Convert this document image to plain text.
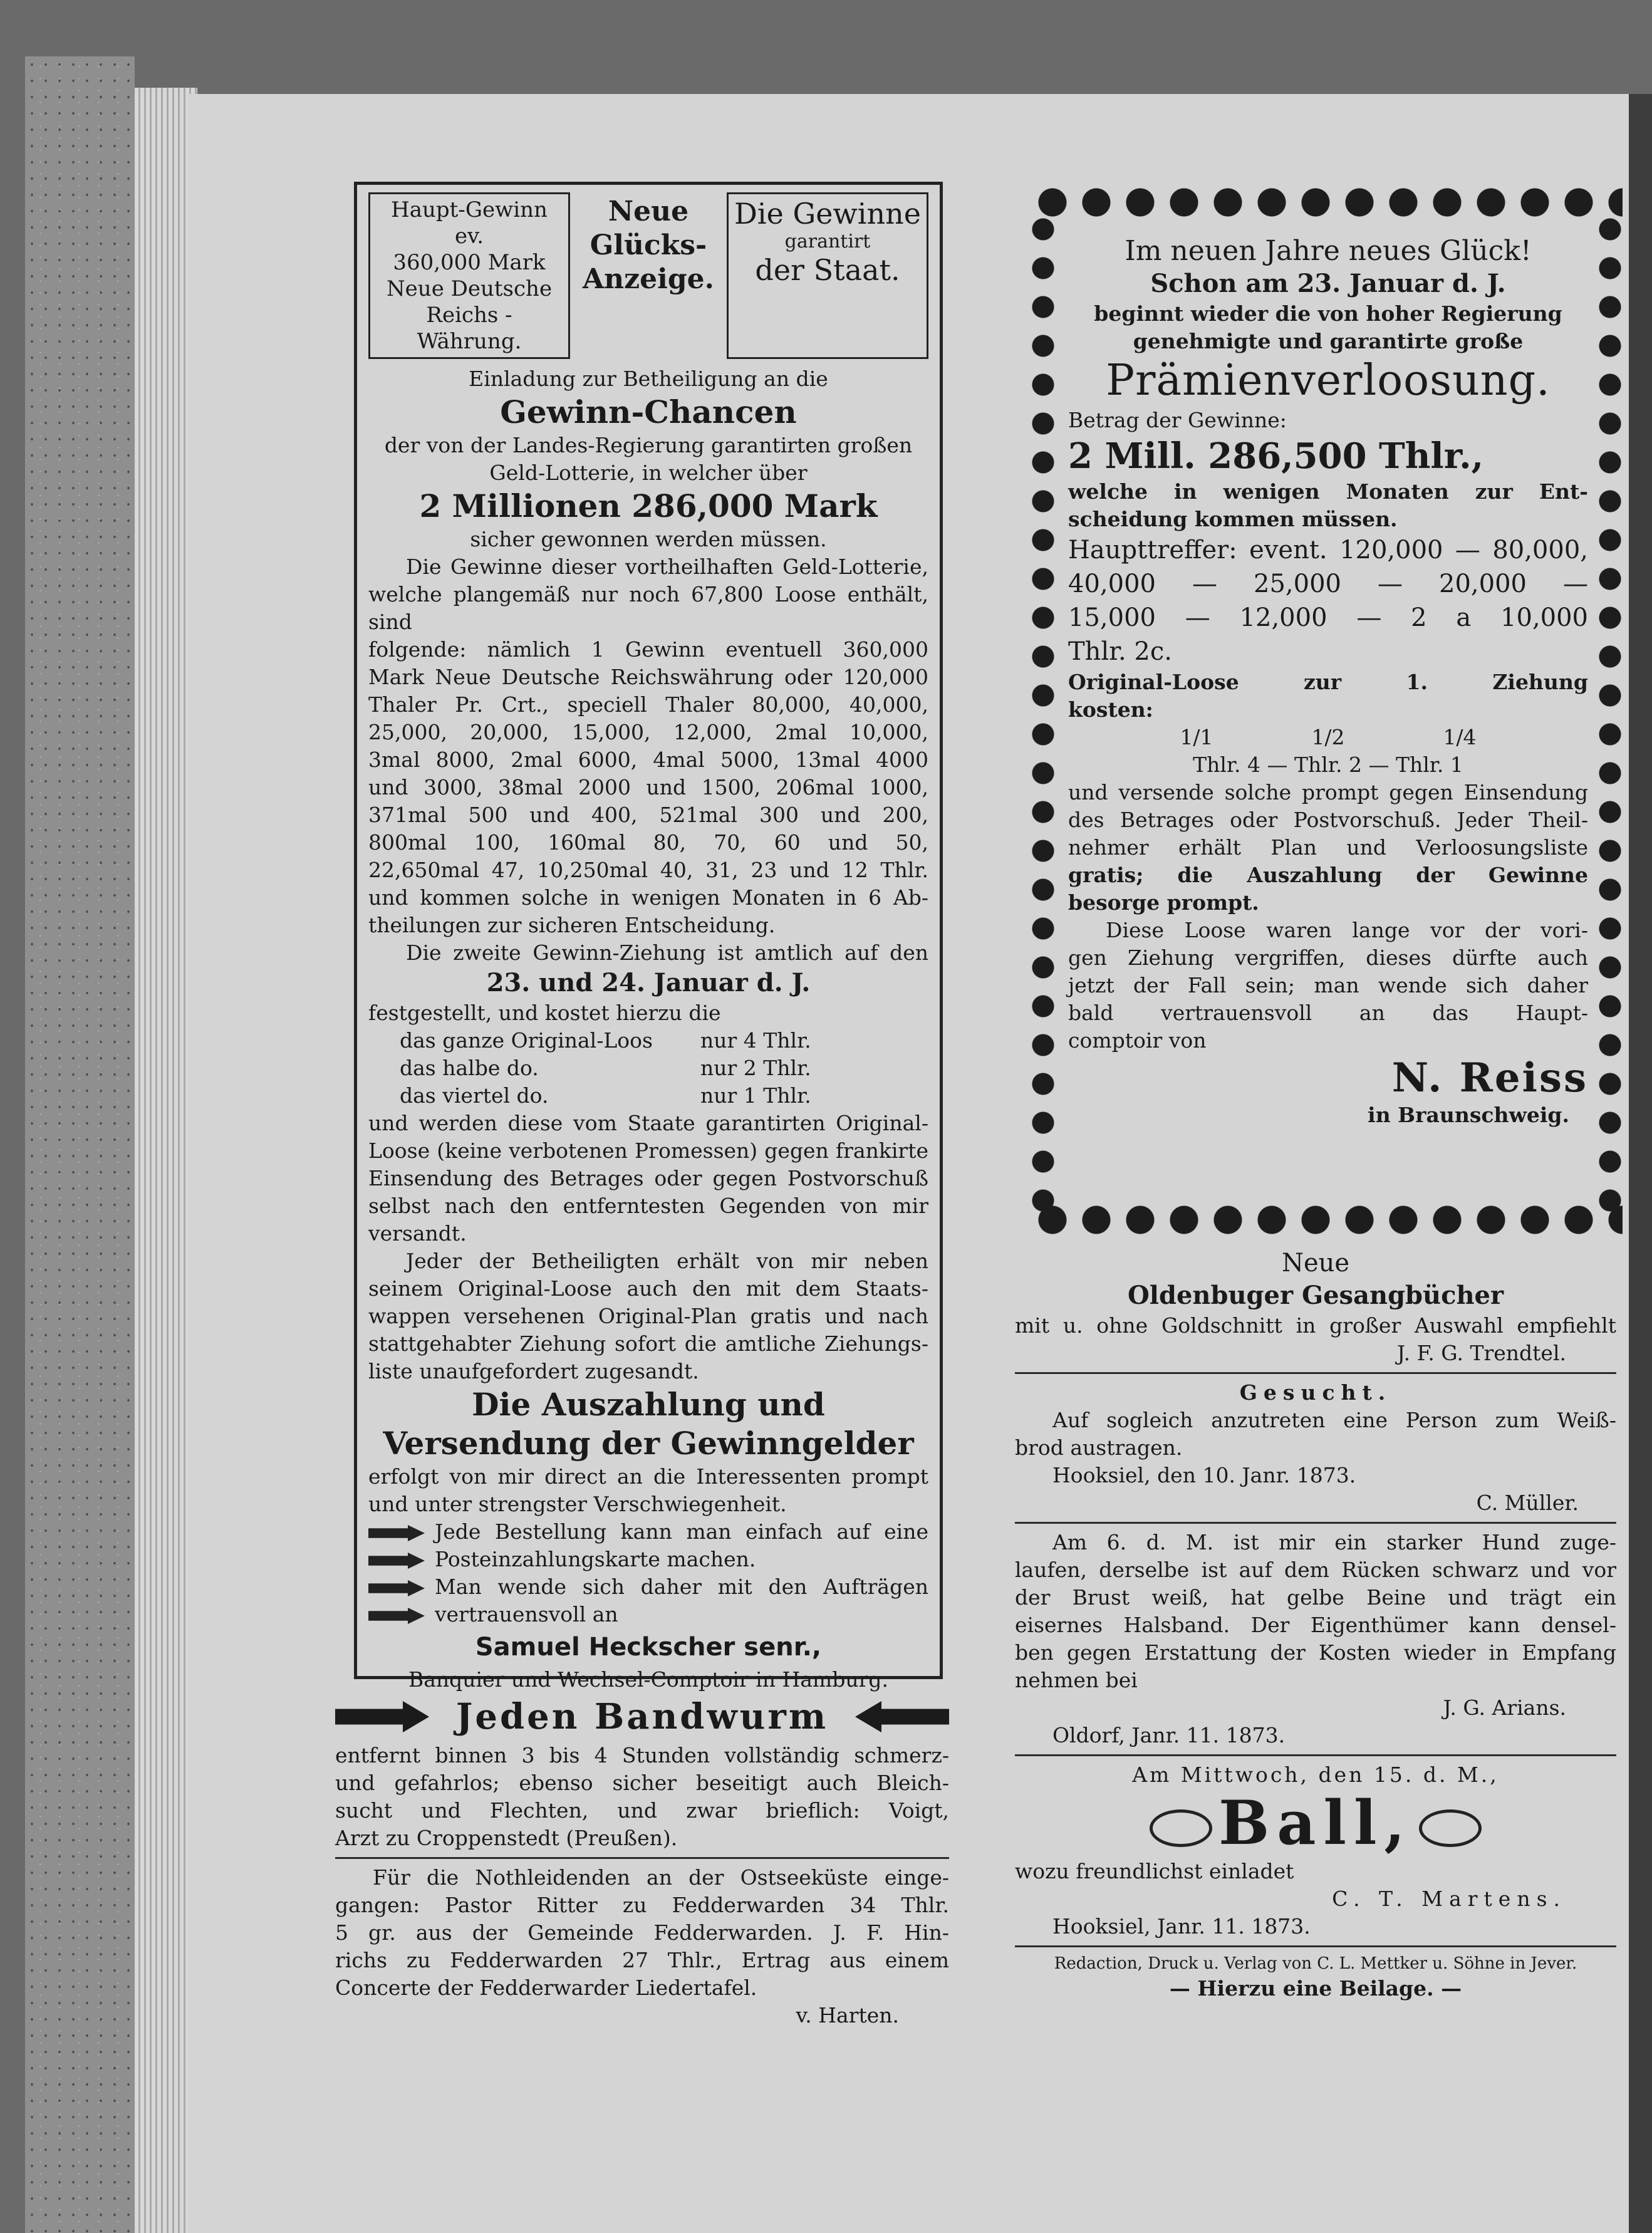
Haupt-Gewinn ev.
360,000 Mark
Neue Deutsche
Reichs - Währung.
Neue
Glücks-
Anzeige.
Die Gewinne
garantirt
der Staat.

Einladung zur Betheiligung an die

Gewinn-Chancen

der von der Landes-Regierung garantirten großen

Geld-Lotterie, in welcher über

2 Millionen 286,000 Mark

sicher gewonnen werden müssen.

Die Gewinne dieser vortheilhaften Geld-Lotterie,

welche plangemäß nur noch 67,800 Loose enthält, sind

folgende: nämlich 1 Gewinn eventuell 360,000

Mark Neue Deutsche Reichswährung oder 120,000

Thaler Pr. Crt., speciell Thaler 80,000, 40,000,

25,000, 20,000, 15,000, 12,000, 2mal 10,000,

3mal 8000, 2mal 6000, 4mal 5000, 13mal 4000

und 3000, 38mal 2000 und 1500, 206mal 1000,

371mal 500 und 400, 521mal 300 und 200,

800mal 100, 160mal 80, 70, 60 und 50,

22,650mal 47, 10,250mal 40, 31, 23 und 12 Thlr.

und kommen solche in wenigen Monaten in 6 Ab-

theilungen zur sicheren Entscheidung.

Die zweite Gewinn-Ziehung ist amtlich auf den

23. und 24. Januar d. J.

festgestellt, und kostet hierzu die

das ganze Original-Loos	nur 4 Thlr.
das halbe do.	nur 2 Thlr.
das viertel do.	nur 1 Thlr.

und werden diese vom Staate garantirten Original-

Loose (keine verbotenen Promessen) gegen frankirte

Einsendung des Betrages oder gegen Postvorschuß

selbst nach den entferntesten Gegenden von mir

versandt.

Jeder der Betheiligten erhält von mir neben

seinem Original-Loose auch den mit dem Staats-

wappen versehenen Original-Plan gratis und nach

stattgehabter Ziehung sofort die amtliche Ziehungs-

liste unaufgefordert zugesandt.

Die Auszahlung und

Versendung der Gewinngelder

erfolgt von mir direct an die Interessenten prompt

und unter strengster Verschwiegenheit.

Jede Bestellung kann man einfach auf eine

Posteinzahlungskarte machen.

Man wende sich daher mit den Aufträgen

vertrauensvoll an

Samuel Heckscher senr.,

Banquier und Wechsel-Comptoir in Hamburg.

Jeden Bandwurm

entfernt binnen 3 bis 4 Stunden vollständig schmerz-

und gefahrlos; ebenso sicher beseitigt auch Bleich-

sucht und Flechten, und zwar brieflich: Voigt,

Arzt zu Croppenstedt (Preußen).

Für die Nothleidenden an der Ostseeküste einge-

gangen: Pastor Ritter zu Fedderwarden 34 Thlr.

5 gr. aus der Gemeinde Fedderwarden. J. F. Hin-

richs zu Fedderwarden 27 Thlr., Ertrag aus einem

Concerte der Fedderwarder Liedertafel.

v. Harten.

Im neuen Jahre neues Glück!

Schon am 23. Januar d. J.

beginnt wieder die von hoher Regierung

genehmigte und garantirte große

Prämienverloosung.

Betrag der Gewinne:

2 Mill. 286,500 Thlr.,

welche in wenigen Monaten zur Ent-

scheidung kommen müssen.

Haupttreffer: event. 120,000 — 80,000,

40,000 — 25,000 — 20,000 —

15,000 — 12,000 — 2 a 10,000

Thlr. 2c.

Original-Loose zur 1. Ziehung

kosten:

1/1	1/2	1/4

Thlr. 4 — Thlr. 2 — Thlr. 1

und versende solche prompt gegen Einsendung

des Betrages oder Postvorschuß. Jeder Theil-

nehmer erhält Plan und Verloosungsliste

gratis; die Auszahlung der Gewinne

besorge prompt.

Diese Loose waren lange vor der vori-

gen Ziehung vergriffen, dieses dürfte auch

jetzt der Fall sein; man wende sich daher

bald vertrauensvoll an das Haupt-

comptoir von

N. Reiss

in Braunschweig.

Neue

Oldenbuger Gesangbücher

mit u. ohne Goldschnitt in großer Auswahl empfiehlt

J. F. G. Trendtel.

Gesucht.

Auf sogleich anzutreten eine Person zum Weiß-

brod austragen.

Hooksiel, den 10. Janr. 1873.

C. Müller.

Am 6. d. M. ist mir ein starker Hund zuge-

laufen, derselbe ist auf dem Rücken schwarz und vor

der Brust weiß, hat gelbe Beine und trägt ein

eisernes Halsband. Der Eigenthümer kann densel-

ben gegen Erstattung der Kosten wieder in Empfang

nehmen bei

J. G. Arians.

Oldorf, Janr. 11. 1873.

Am Mittwoch, den 15. d. M.,

Ball,

wozu freundlichst einladet

C. T. Martens.

Hooksiel, Janr. 11. 1873.

Redaction, Druck u. Verlag von C. L. Mettker u. Söhne in Jever.

— Hierzu eine Beilage. —
